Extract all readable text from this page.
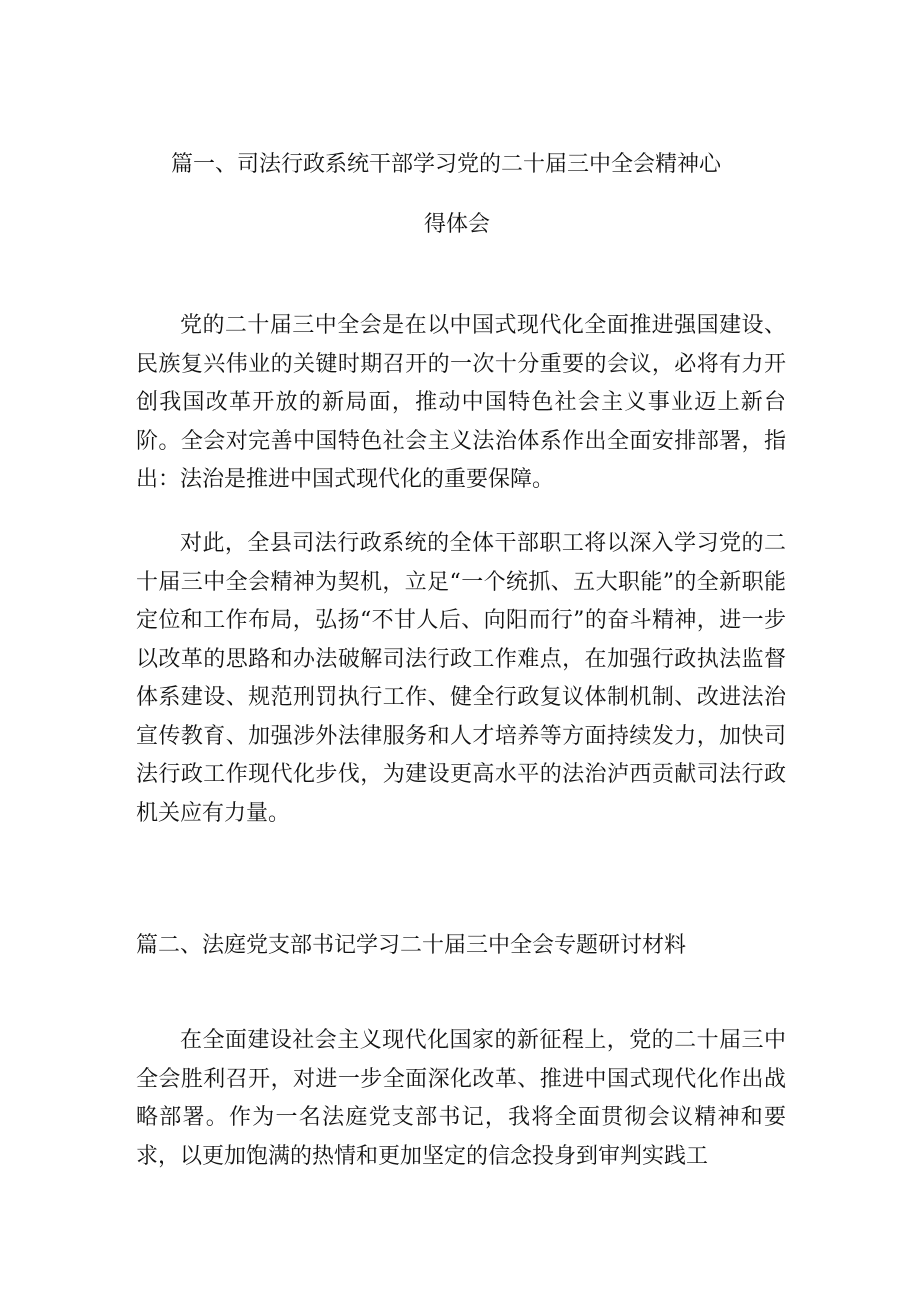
篇一、司法行政系统干部学习党的二十届三中全会精神心
得体会

党的二十届三中全会是在以中国式现代化全面推进强国建设、民族复兴伟业的关键时期召开的一次十分重要的会议，必将有力开创我国改革开放的新局面，推动中国特色社会主义事业迈上新台阶。全会对完善中国特色社会主义法治体系作出全面安排部署，指出：法治是推进中国式现代化的重要保障。

对此，全县司法行政系统的全体干部职工将以深入学习党的二十届三中全会精神为契机，立足“一个统抓、五大职能”的全新职能定位和工作布局，弘扬“不甘人后、向阳而行”的奋斗精神，进一步以改革的思路和办法破解司法行政工作难点，在加强行政执法监督体系建设、规范刑罚执行工作、健全行政复议体制机制、改进法治宣传教育、加强涉外法律服务和人才培养等方面持续发力，加快司法行政工作现代化步伐，为建设更高水平的法治泸西贡献司法行政机关应有力量。

篇二、法庭党支部书记学习二十届三中全会专题研讨材料

在全面建设社会主义现代化国家的新征程上，党的二十届三中全会胜利召开，对进一步全面深化改革、推进中国式现代化作出战略部署。作为一名法庭党支部书记，我将全面贯彻会议精神和要求，以更加饱满的热情和更加坚定的信念投身到审判实践工
